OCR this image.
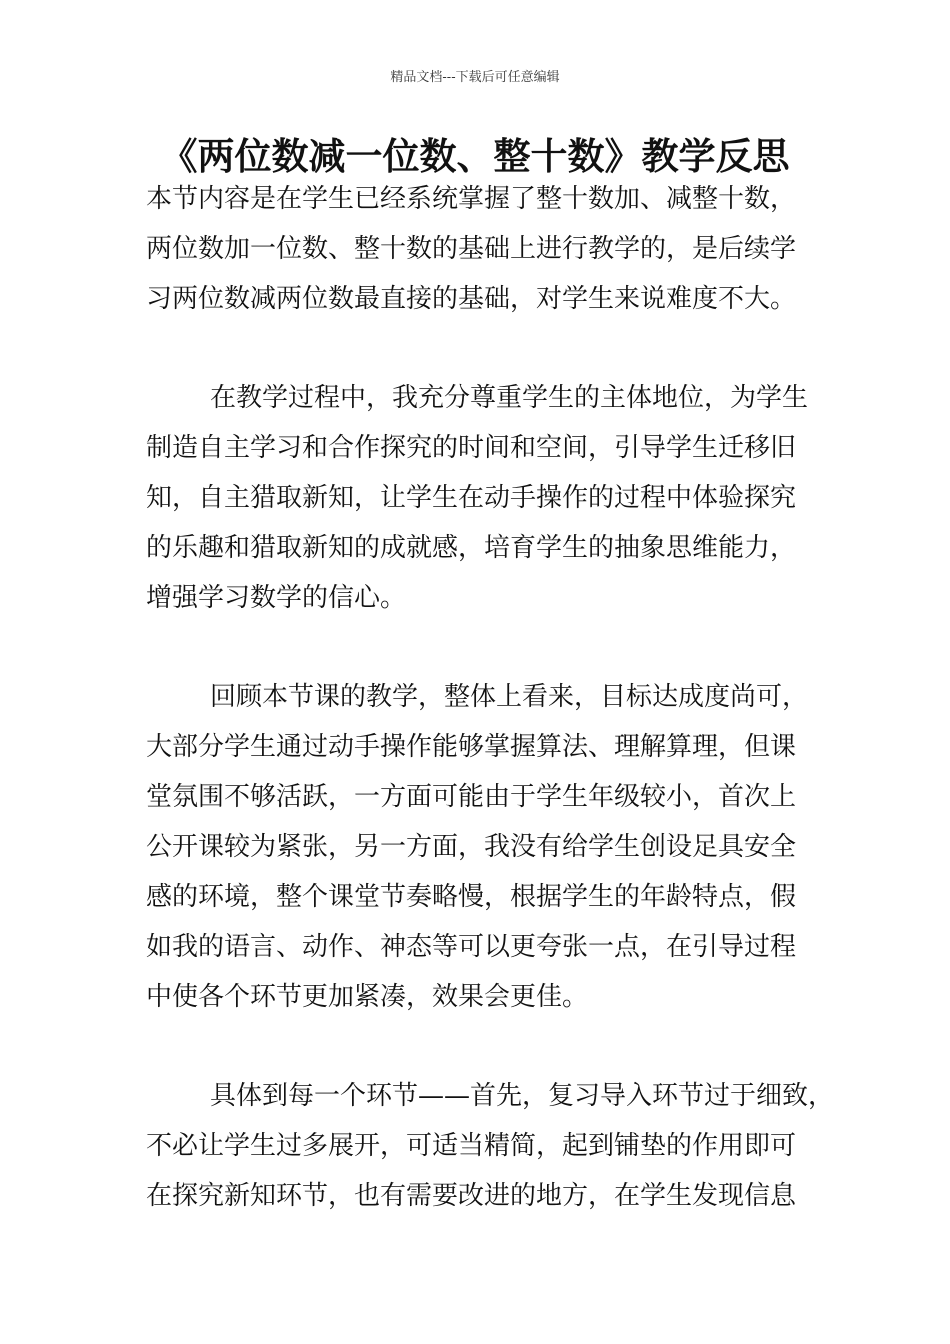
精品文档---下载后可任意编辑
《两位数减一位数、整十数》教学反思
本节内容是在学生已经系统掌握了整十数加、减整十数，
两位数加一位数、整十数的基础上进行教学的，是后续学
习两位数减两位数最直接的基础，对学生来说难度不大。
在教学过程中，我充分尊重学生的主体地位，为学生
制造自主学习和合作探究的时间和空间，引导学生迁移旧
知，自主猎取新知，让学生在动手操作的过程中体验探究
的乐趣和猎取新知的成就感，培育学生的抽象思维能力，
增强学习数学的信心。
回顾本节课的教学，整体上看来，目标达成度尚可，
大部分学生通过动手操作能够掌握算法、理解算理，但课
堂氛围不够活跃，一方面可能由于学生年级较小，首次上
公开课较为紧张，另一方面，我没有给学生创设足具安全
感的环境，整个课堂节奏略慢，根据学生的年龄特点，假
如我的语言、动作、神态等可以更夸张一点，在引导过程
中使各个环节更加紧凑，效果会更佳。
具体到每一个环节——首先，复习导入环节过于细致，
不必让学生过多展开，可适当精简，起到铺垫的作用即可
在探究新知环节，也有需要改进的地方，在学生发现信息
